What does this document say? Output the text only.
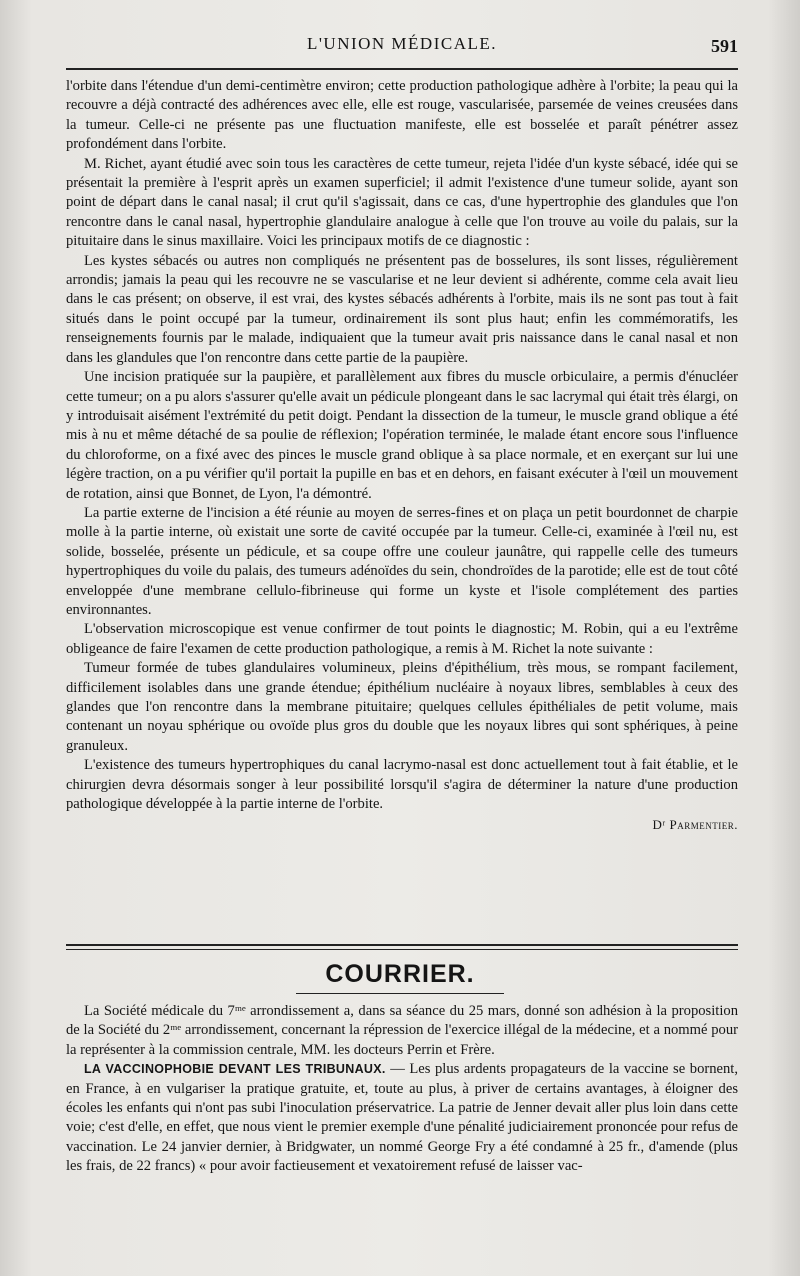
L'UNION MÉDICALE.	591

l'orbite dans l'étendue d'un demi-centimètre environ; cette production pathologique adhère à l'orbite; la peau qui la recouvre a déjà contracté des adhérences avec elle, elle est rouge, vascularisée, parsemée de veines creusées dans la tumeur. Celle-ci ne présente pas une fluctuation manifeste, elle est bosselée et paraît pénétrer assez profondément dans l'orbite.

M. Richet, ayant étudié avec soin tous les caractères de cette tumeur, rejeta l'idée d'un kyste sébacé, idée qui se présentait la première à l'esprit après un examen superficiel; il admit l'existence d'une tumeur solide, ayant son point de départ dans le canal nasal; il crut qu'il s'agissait, dans ce cas, d'une hypertrophie des glandules que l'on rencontre dans le canal nasal, hypertrophie glandulaire analogue à celle que l'on trouve au voile du palais, sur la pituitaire dans le sinus maxillaire. Voici les principaux motifs de ce diagnostic :

Les kystes sébacés ou autres non compliqués ne présentent pas de bosselures, ils sont lisses, régulièrement arrondis; jamais la peau qui les recouvre ne se vascularise et ne leur devient si adhérente, comme cela avait lieu dans le cas présent; on observe, il est vrai, des kystes sébacés adhérents à l'orbite, mais ils ne sont pas tout à fait situés dans le point occupé par la tumeur, ordinairement ils sont plus haut; enfin les commémoratifs, les renseignements fournis par le malade, indiquaient que la tumeur avait pris naissance dans le canal nasal et non dans les glandules que l'on rencontre dans cette partie de la paupière.

Une incision pratiquée sur la paupière, et parallèlement aux fibres du muscle orbiculaire, a permis d'énucléer cette tumeur; on a pu alors s'assurer qu'elle avait un pédicule plongeant dans le sac lacrymal qui était très élargi, on y introduisait aisément l'extrémité du petit doigt. Pendant la dissection de la tumeur, le muscle grand oblique a été mis à nu et même détaché de sa poulie de réflexion; l'opération terminée, le malade étant encore sous l'influence du chloroforme, on a fixé avec des pinces le muscle grand oblique à sa place normale, et en exerçant sur lui une légère traction, on a pu vérifier qu'il portait la pupille en bas et en dehors, en faisant exécuter à l'œil un mouvement de rotation, ainsi que Bonnet, de Lyon, l'a démontré.

La partie externe de l'incision a été réunie au moyen de serres-fines et on plaça un petit bourdonnet de charpie molle à la partie interne, où existait une sorte de cavité occupée par la tumeur. Celle-ci, examinée à l'œil nu, est solide, bosselée, présente un pédicule, et sa coupe offre une couleur jaunâtre, qui rappelle celle des tumeurs hypertrophiques du voile du palais, des tumeurs adénoïdes du sein, chondroïdes de la parotide; elle est de tout côté enveloppée d'une membrane cellulo-fibrineuse qui forme un kyste et l'isole complétement des parties environnantes.

L'observation microscopique est venue confirmer de tout points le diagnostic; M. Robin, qui a eu l'extrême obligeance de faire l'examen de cette production pathologique, a remis à M. Richet la note suivante :

Tumeur formée de tubes glandulaires volumineux, pleins d'épithélium, très mous, se rompant facilement, difficilement isolables dans une grande étendue; épithélium nucléaire à noyaux libres, semblables à ceux des glandes que l'on rencontre dans la membrane pituitaire; quelques cellules épithéliales de petit volume, mais contenant un noyau sphérique ou ovoïde plus gros du double que les noyaux libres qui sont sphériques, à peine granuleux.

L'existence des tumeurs hypertrophiques du canal lacrymo-nasal est donc actuellement tout à fait établie, et le chirurgien devra désormais songer à leur possibilité lorsqu'il s'agira de déterminer la nature d'une production pathologique développée à la partie interne de l'orbite.

Dʳ Parmentier.
COURRIER.

La Société médicale du 7ᵐᵉ arrondissement a, dans sa séance du 25 mars, donné son adhésion à la proposition de la Société du 2ᵐᵉ arrondissement, concernant la répression de l'exercice illégal de la médecine, et a nommé pour la représenter à la commission centrale, MM. les docteurs Perrin et Frère.

LA VACCINOPHOBIE DEVANT LES TRIBUNAUX. — Les plus ardents propagateurs de la vaccine se bornent, en France, à en vulgariser la pratique gratuite, et, toute au plus, à priver de certains avantages, à éloigner des écoles les enfants qui n'ont pas subi l'inoculation préservatrice. La patrie de Jenner devait aller plus loin dans cette voie; c'est d'elle, en effet, que nous vient le premier exemple d'une pénalité judiciairement prononcée pour refus de vaccination. Le 24 janvier dernier, à Bridgwater, un nommé George Fry a été condamné à 25 fr., d'amende (plus les frais, de 22 francs) « pour avoir factieusement et vexatoirement refusé de laisser vac-
